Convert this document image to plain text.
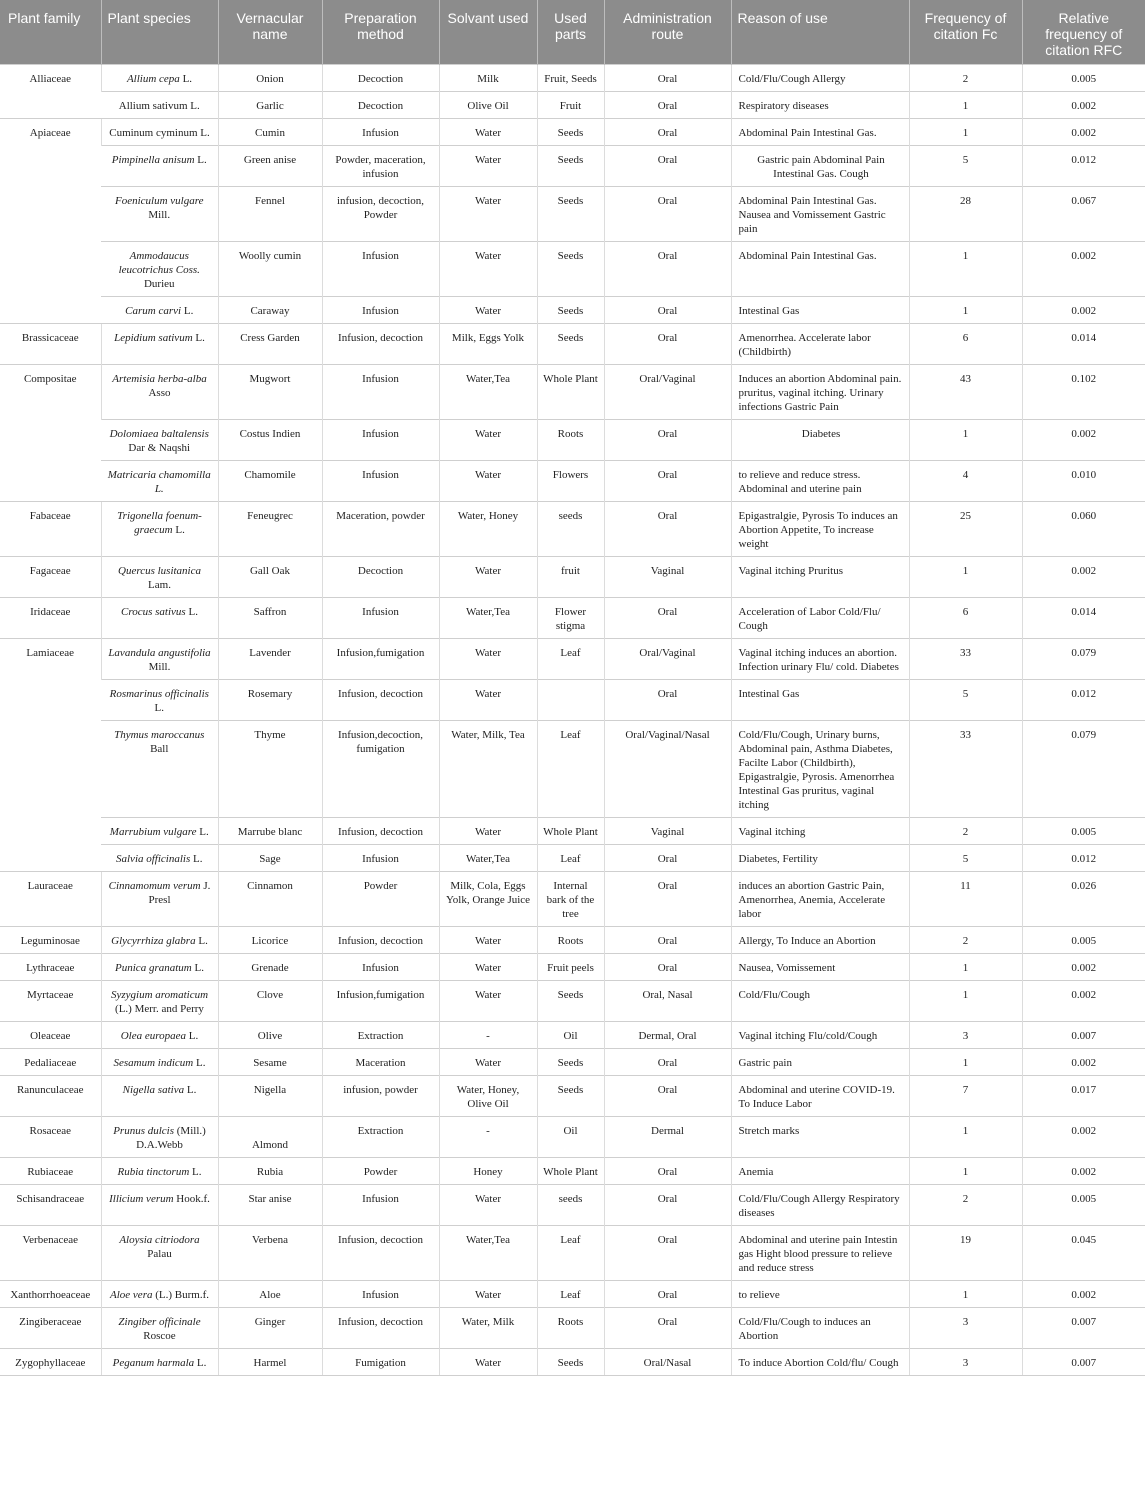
Plant family	Plant species	Vernacular name	Preparation method	Solvant used	Used parts	Administration route	Reason of use	Frequency of citation Fc	Relative frequency of citation RFC
Alliaceae	Allium cepa L.	Onion	Decoction	Milk	Fruit, Seeds	Oral	Cold/Flu/Cough Allergy	2	0.005
	Allium sativum L.	Garlic	Decoction	Olive Oil	Fruit	Oral	Respiratory diseases	1	0.002
Apiaceae	Cuminum cyminum L.	Cumin	Infusion	Water	Seeds	Oral	Abdominal Pain Intestinal Gas.	1	0.002
	Pimpinella anisum L.	Green anise	Powder, maceration, infusion	Water	Seeds	Oral	Gastric pain Abdominal Pain Intestinal Gas. Cough	5	0.012
	Foeniculum vulgare Mill.	Fennel	infusion, decoction, Powder	Water	Seeds	Oral	Abdominal Pain Intestinal Gas. Nausea and Vomissement Gastric pain	28	0.067
	Ammodaucus leucotrichus Coss. Durieu	Woolly cumin	Infusion	Water	Seeds	Oral	Abdominal Pain Intestinal Gas.	1	0.002
	Carum carvi L.	Caraway	Infusion	Water	Seeds	Oral	Intestinal Gas	1	0.002
Brassicaceae	Lepidium sativum L.	Cress Garden	Infusion, decoction	Milk, Eggs Yolk	Seeds	Oral	Amenorrhea. Accelerate labor (Childbirth)	6	0.014
Compositae	Artemisia herba-alba Asso	Mugwort	Infusion	Water,Tea	Whole Plant	Oral/Vaginal	Induces an abortion Abdominal pain. pruritus, vaginal itching. Urinary infections Gastric Pain	43	0.102
	Dolomiaea baltalensis Dar & Naqshi	Costus Indien	Infusion	Water	Roots	Oral	Diabetes	1	0.002
	Matricaria chamomilla L.	Chamomile	Infusion	Water	Flowers	Oral	to relieve and reduce stress. Abdominal and uterine pain	4	0.010
Fabaceae	Trigonella foenum-graecum L.	Feneugrec	Maceration, powder	Water, Honey	seeds	Oral	Epigastralgie, Pyrosis To induces an Abortion Appetite, To increase weight	25	0.060
Fagaceae	Quercus lusitanica Lam.	Gall Oak	Decoction	Water	fruit	Vaginal	Vaginal itching Pruritus	1	0.002
Iridaceae	Crocus sativus L.	Saffron	Infusion	Water,Tea	Flower stigma	Oral	Acceleration of Labor Cold/Flu/ Cough	6	0.014
Lamiaceae	Lavandula angustifolia Mill.	Lavender	Infusion,fumigation	Water	Leaf	Oral/Vaginal	Vaginal itching induces an abortion. Infection urinary Flu/ cold. Diabetes	33	0.079
	Rosmarinus officinalis L.	Rosemary	Infusion, decoction	Water		Oral	Intestinal Gas	5	0.012
	Thymus maroccanus Ball	Thyme	Infusion,decoction, fumigation	Water, Milk, Tea	Leaf	Oral/Vaginal/Nasal	Cold/Flu/Cough, Urinary burns, Abdominal pain, Asthma Diabetes, Facilte Labor (Childbirth), Epigastralgie, Pyrosis. Amenorrhea Intestinal Gas pruritus, vaginal itching	33	0.079
	Marrubium vulgare L.	Marrube blanc	Infusion, decoction	Water	Whole Plant	Vaginal	Vaginal itching	2	0.005
	Salvia officinalis L.	Sage	Infusion	Water,Tea	Leaf	Oral	Diabetes, Fertility	5	0.012
Lauraceae	Cinnamomum verum J. Presl	Cinnamon	Powder	Milk, Cola, Eggs Yolk, Orange Juice	Internal bark of the tree	Oral	induces an abortion Gastric Pain, Amenorrhea, Anemia, Accelerate labor	11	0.026
Leguminosae	Glycyrrhiza glabra L.	Licorice	Infusion, decoction	Water	Roots	Oral	Allergy, To Induce an Abortion	2	0.005
Lythraceae	Punica granatum L.	Grenade	Infusion	Water	Fruit peels	Oral	Nausea, Vomissement	1	0.002
Myrtaceae	Syzygium aromaticum (L.) Merr. and Perry	Clove	Infusion,fumigation	Water	Seeds	Oral, Nasal	Cold/Flu/Cough	1	0.002
Oleaceae	Olea europaea L.	Olive	Extraction	-	Oil	Dermal, Oral	Vaginal itching Flu/cold/Cough	3	0.007
Pedaliaceae	Sesamum indicum L.	Sesame	Maceration	Water	Seeds	Oral	Gastric pain	1	0.002
Ranunculaceae	Nigella sativa L.	Nigella	infusion, powder	Water, Honey, Olive Oil	Seeds	Oral	Abdominal and uterine COVID-19. To Induce Labor	7	0.017
Rosaceae	Prunus dulcis (Mill.) D.A.Webb	Almond	Extraction	-	Oil	Dermal	Stretch marks	1	0.002
Rubiaceae	Rubia tinctorum L.	Rubia	Powder	Honey	Whole Plant	Oral	Anemia	1	0.002
Schisandraceae	Illicium verum Hook.f.	Star anise	Infusion	Water	seeds	Oral	Cold/Flu/Cough Allergy Respiratory diseases	2	0.005
Verbenaceae	Aloysia citriodora Palau	Verbena	Infusion, decoction	Water,Tea	Leaf	Oral	Abdominal and uterine pain Intestin gas Hight blood pressure to relieve and reduce stress	19	0.045
Xanthorrhoeaceae	Aloe vera (L.) Burm.f.	Aloe	Infusion	Water	Leaf	Oral	to relieve	1	0.002
Zingiberaceae	Zingiber officinale Roscoe	Ginger	Infusion, decoction	Water, Milk	Roots	Oral	Cold/Flu/Cough to induces an Abortion	3	0.007
Zygophyllaceae	Peganum harmala L.	Harmel	Fumigation	Water	Seeds	Oral/Nasal	To induce Abortion Cold/flu/ Cough	3	0.007
